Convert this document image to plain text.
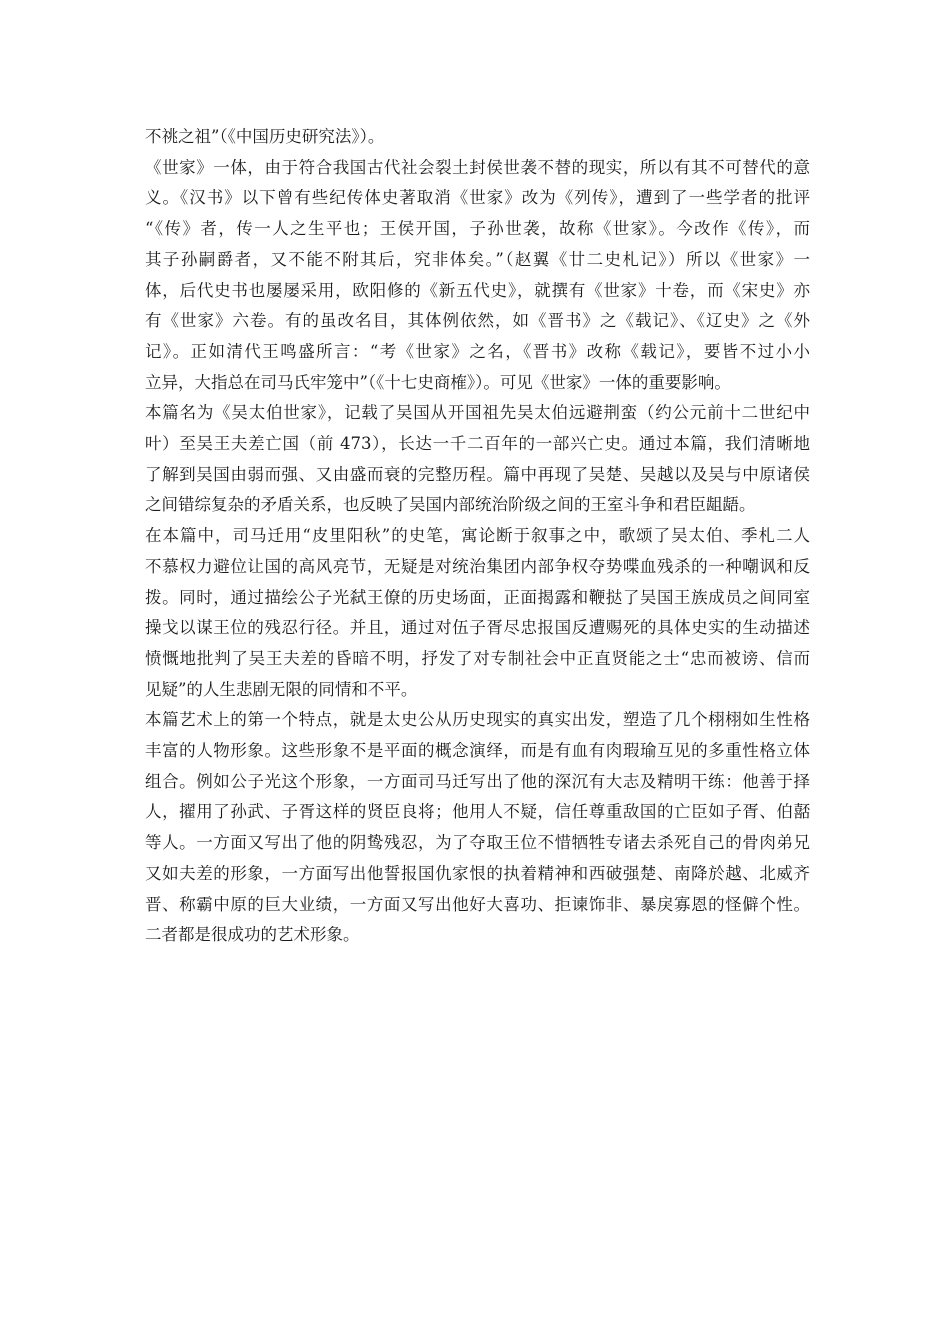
不祧之祖”（《中国历史研究法》）。
《世家》一体，由于符合我国古代社会裂土封侯世袭不替的现实，所以有其不可替代的意
义。《汉书》以下曾有些纪传体史著取消《世家》改为《列传》，遭到了一些学者的批评
“《传》者，传一人之生平也；王侯开国，子孙世袭，故称《世家》。今改作《传》，而
其子孙嗣爵者，又不能不附其后，究非体矣。”（赵翼《廿二史札记》）所以《世家》一
体，后代史书也屡屡采用，欧阳修的《新五代史》，就撰有《世家》十卷，而《宋史》亦
有《世家》六卷。有的虽改名目，其体例依然，如《晋书》之《载记》、《辽史》之《外
记》。正如清代王鸣盛所言：“考《世家》之名，《晋书》改称《载记》，要皆不过小小
立异，大指总在司马氏牢笼中”（《十七史商榷》）。可见《世家》一体的重要影响。
本篇名为《吴太伯世家》，记载了吴国从开国祖先吴太伯远避荆蛮（约公元前十二世纪中
叶）至吴王夫差亡国（前 473），长达一千二百年的一部兴亡史。通过本篇，我们清晰地
了解到吴国由弱而强、又由盛而衰的完整历程。篇中再现了吴楚、吴越以及吴与中原诸侯
之间错综复杂的矛盾关系，也反映了吴国内部统治阶级之间的王室斗争和君臣龃龉。
在本篇中，司马迁用“皮里阳秋”的史笔，寓论断于叙事之中，歌颂了吴太伯、季札二人
不慕权力避位让国的高风亮节，无疑是对统治集团内部争权夺势喋血残杀的一种嘲讽和反
拨。同时，通过描绘公子光弑王僚的历史场面，正面揭露和鞭挞了吴国王族成员之间同室
操戈以谋王位的残忍行径。并且，通过对伍子胥尽忠报国反遭赐死的具体史实的生动描述
愤慨地批判了吴王夫差的昏暗不明，抒发了对专制社会中正直贤能之士“忠而被谤、信而
见疑”的人生悲剧无限的同情和不平。
本篇艺术上的第一个特点，就是太史公从历史现实的真实出发，塑造了几个栩栩如生性格
丰富的人物形象。这些形象不是平面的概念演绎，而是有血有肉瑕瑜互见的多重性格立体
组合。例如公子光这个形象，一方面司马迁写出了他的深沉有大志及精明干练：他善于择
人，擢用了孙武、子胥这样的贤臣良将；他用人不疑，信任尊重敌国的亡臣如子胥、伯嚭
等人。一方面又写出了他的阴鸷残忍，为了夺取王位不惜牺牲专诸去杀死自己的骨肉弟兄
又如夫差的形象，一方面写出他誓报国仇家恨的执着精神和西破强楚、南降於越、北威齐
晋、称霸中原的巨大业绩，一方面又写出他好大喜功、拒谏饰非、暴戾寡恩的怪僻个性。
二者都是很成功的艺术形象。
